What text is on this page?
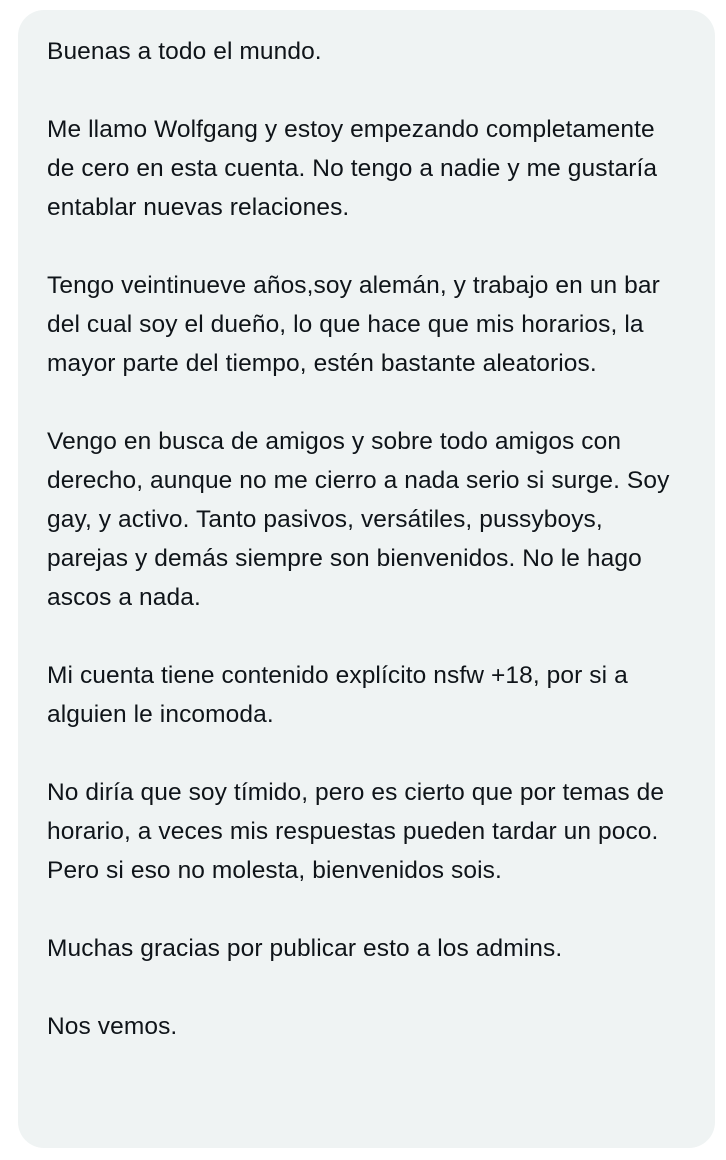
Buenas a todo el mundo.

Me llamo Wolfgang y estoy empezando completamente de cero en esta cuenta. No tengo a nadie y me gustaría entablar nuevas relaciones.

Tengo veintinueve años,soy alemán, y trabajo en un bar del cual soy el dueño, lo que hace que mis horarios, la mayor parte del tiempo, estén bastante aleatorios.

Vengo en busca de amigos y sobre todo amigos con derecho, aunque no me cierro a nada serio si surge. Soy gay, y activo. Tanto pasivos, versátiles, pussyboys, parejas y demás siempre son bienvenidos. No le hago ascos a nada.

Mi cuenta tiene contenido explícito nsfw +18, por si a alguien le incomoda.

No diría que soy tímido, pero es cierto que por temas de horario, a veces mis respuestas pueden tardar un poco. Pero si eso no molesta, bienvenidos sois.

Muchas gracias por publicar esto a los admins.

Nos vemos.
